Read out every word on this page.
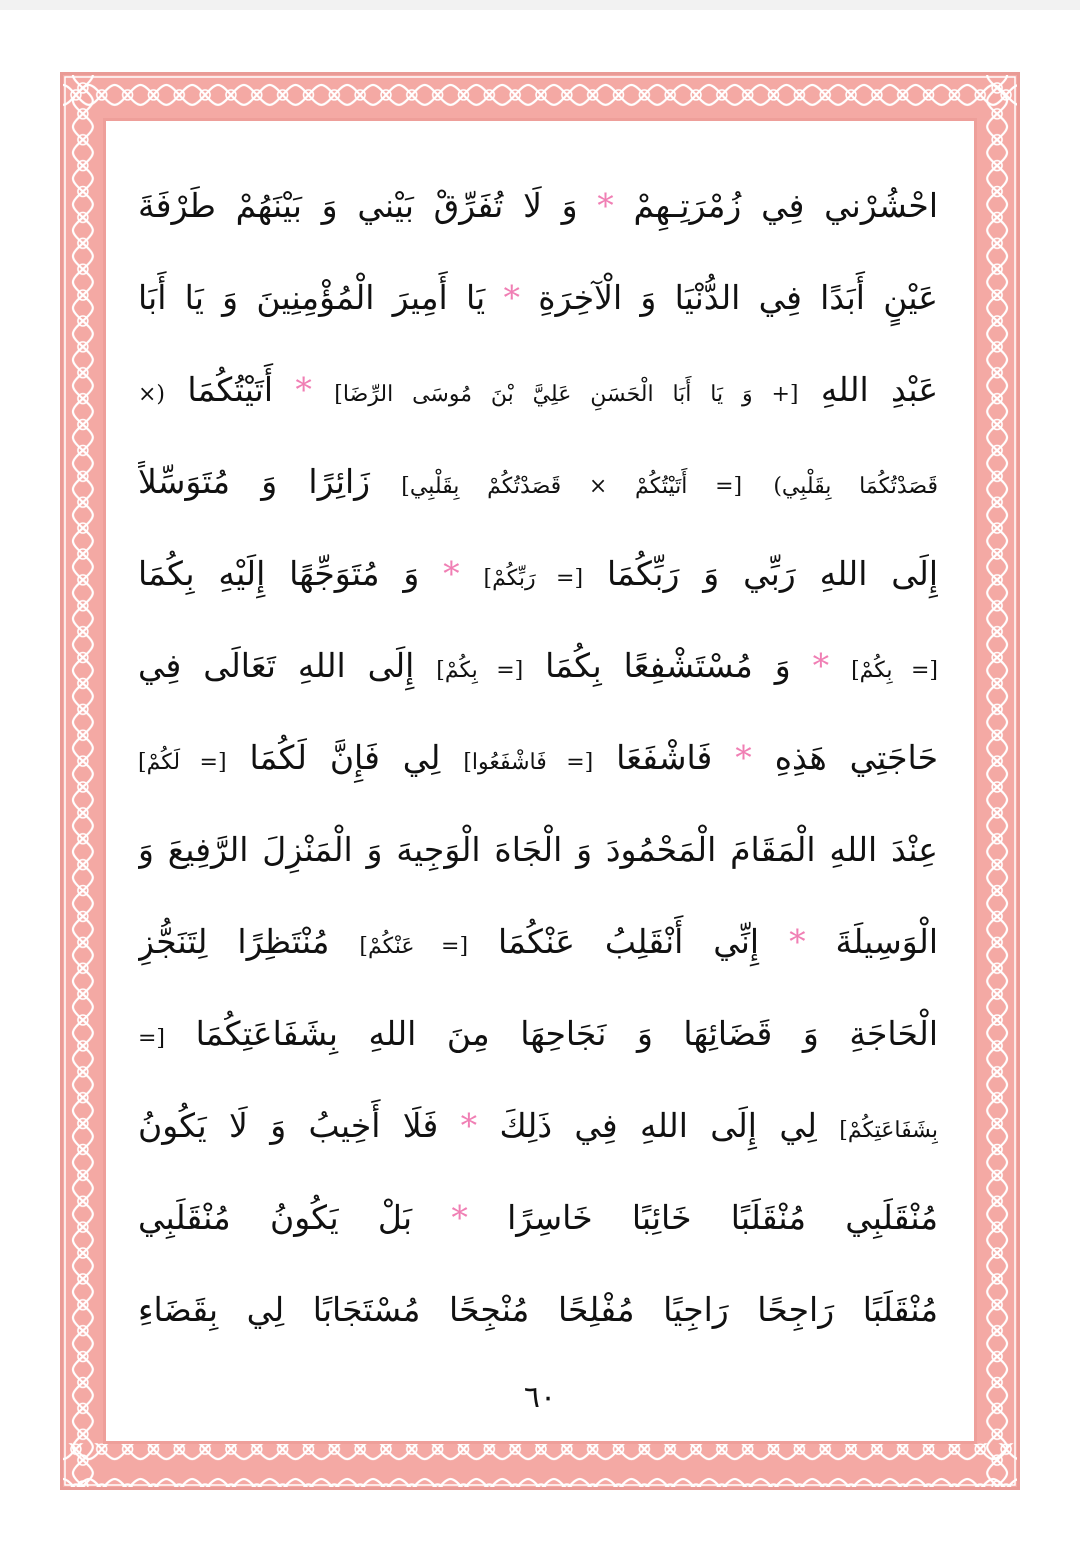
احْشُرْني فِي زُمْرَتِـهِمْ * وَ لَا تُفَرِّقْ بَيْني وَ بَيْنَهُمْ طَرْفَةَ
عَيْنٍ أَبَدًا فِي الدُّنْيَا وَ الْآخِرَةِ * يَا أَمِيرَ الْمُؤْمِنِينَ وَ يَا أَبَا
عَبْدِ اللهِ [+ وَ يَا أَبَا الْحَسَنِ عَلِيَّ بْنَ مُوسَى الرِّضَا] * أَتَيْتُكُمَا (×
قَصَدْتُكُمَا بِقَلْبِي) [= أَتَيْتُكُمْ × قَصَدْتُكُمْ بِقَلْبِي] زَائِرًا وَ مُتَوَسِّلاً
إِلَى اللهِ رَبِّي وَ رَبِّكُمَا [= رَبِّكُمْ] * وَ مُتَوَجِّهًا إِلَيْهِ بِكُمَا
[= بِكُمْ] * وَ مُسْتَشْفِعًا بِكُمَا [= بِكُمْ] إِلَى اللهِ تَعَالَى فِي
حَاجَتِي هَذِهِ * فَاشْفَعَا [= فَاشْفَعُوا] لِي فَإِنَّ لَكُمَا [= لَكُمْ]
عِنْدَ اللهِ الْمَقَامَ الْمَحْمُودَ وَ الْجَاهَ الْوَجِيهَ وَ الْمَنْزِلَ الرَّفِيعَ وَ
الْوَسِيلَةَ * إِنِّي أَنْقَلِبُ عَنْكُمَا [= عَنْكُمْ] مُنْتَظِرًا لِتَنَجُّزِ
الْحَاجَةِ وَ قَضَائِهَا وَ نَجَاحِهَا مِنَ اللهِ بِشَفَاعَتِكُمَا [=
بِشَفَاعَتِكُمْ] لِي إِلَى اللهِ فِي ذَلِكَ * فَلَا أَخِيبُ وَ لَا يَكُونُ
مُنْقَلَبِي مُنْقَلَبًا خَائِبًا خَاسِرًا * بَلْ يَكُونُ مُنْقَلَبِي
مُنْقَلَبًا رَاجِحًا رَاجِيًا مُفْلِحًا مُنْجِحًا مُسْتَجَابًا لِي بِقَضَاءِ
٦٠
